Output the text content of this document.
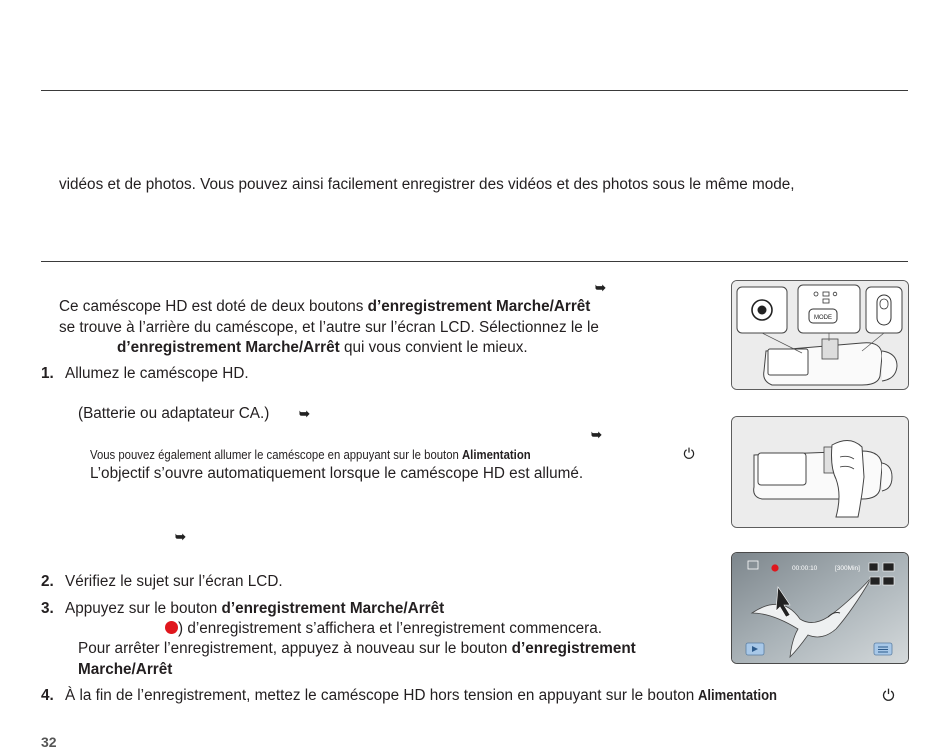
vidéos et de photos. Vous pouvez ainsi facilement enregistrer des vidéos et des photos sous le même mode,
➥
➥
➥
➥
Ce caméscope HD est doté de deux boutons d’enregistrement Marche/Arrêt
se trouve à l’arrière du caméscope, et l’autre sur l’écran LCD. Sélectionnez le le
d’enregistrement Marche/Arrêt qui vous convient le mieux.
1. Allumez le caméscope HD.
(Batterie ou adaptateur CA.)
Vous pouvez également allumer le caméscope en appuyant sur le bouton Alimentation
L’objectif s’ouvre automatiquement lorsque le caméscope HD est allumé.
2. Vérifiez le sujet sur l’écran LCD.
3. Appuyez sur le bouton d’enregistrement Marche/Arrêt
) d’enregistrement s’affichera et l’enregistrement commencera.
Pour arrêter l’enregistrement, appuyez à nouveau sur le bouton d’enregistrement
Marche/Arrêt
4. À la fin de l’enregistrement, mettez le caméscope HD hors tension en appuyant sur le bouton Alimentation
MODE
00:00:10	[300Min]
32
